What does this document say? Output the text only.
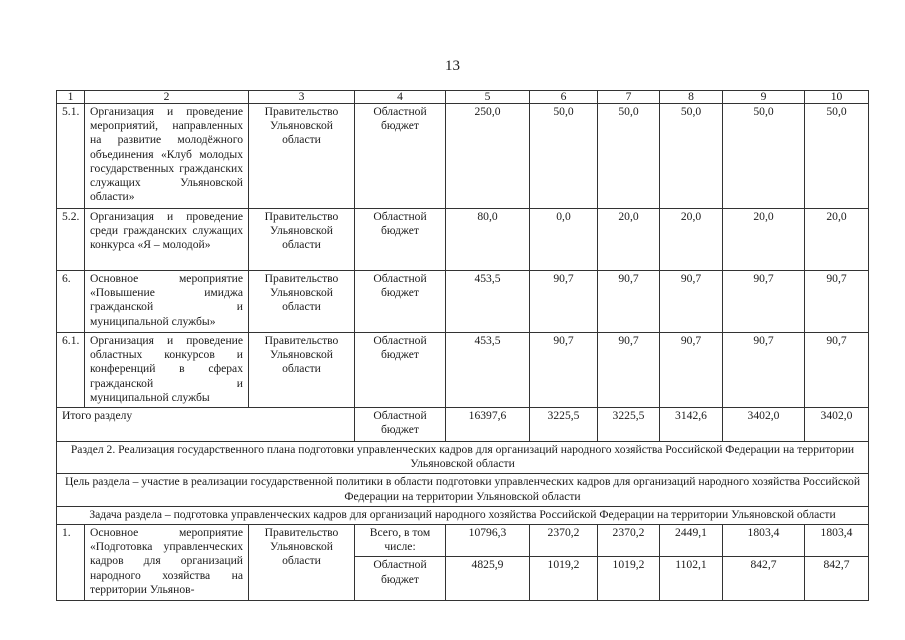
13
1	2	3	4	5	6	7	8	9	10
5.1.	Организация и проведение мероприятий, направленных на развитие молодёжного объединения «Клуб молодых государственных гражданских служащих Ульяновской области»	Правительство Ульяновской области	Областной бюджет	250,0	50,0	50,0	50,0	50,0	50,0
5.2.	Организация и проведение среди гражданских служащих конкурса «Я – молодой»	Правительство Ульяновской области	Областной бюджет	80,0	0,0	20,0	20,0	20,0	20,0
6.	Основное мероприятие «Повышение имиджа гражданской и муниципальной службы»	Правительство Ульяновской области	Областной бюджет	453,5	90,7	90,7	90,7	90,7	90,7
6.1.	Организация и проведение областных конкурсов и конференций в сферах гражданской и муниципальной службы	Правительство Ульяновской области	Областной бюджет	453,5	90,7	90,7	90,7	90,7	90,7
Итого разделу			Областной бюджет	16397,6	3225,5	3225,5	3142,6	3402,0	3402,0
Раздел 2. Реализация государственного плана подготовки управленческих кадров для организаций народного хозяйства Российской Федерации на территории Ульяновской области									
Цель раздела – участие в реализации государственной политики в области подготовки управленческих кадров для организаций народного хозяйства Российской Федерации на территории Ульяновской области									
Задача раздела – подготовка управленческих кадров для организаций народного хозяйства Российской Федерации на территории Ульяновской области									
1.	Основное мероприятие «Подготовка управленческих кадров для организаций народного хозяйства на территории Ульянов-	Правительство Ульяновской области	Всего, в том числе:	10796,3	2370,2	2370,2	2449,1	1803,4	1803,4
			Областной бюджет	4825,9	1019,2	1019,2	1102,1	842,7	842,7
